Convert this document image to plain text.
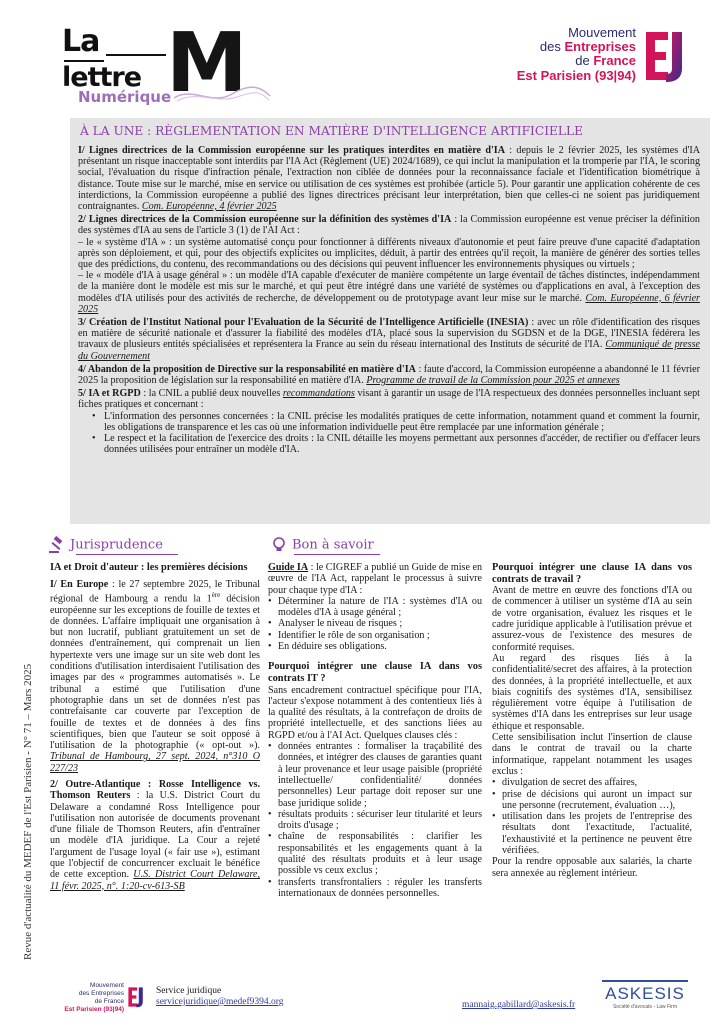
La
lettre M
Numérique
Mouvement
des Entreprises
de France
Est Parisien (93|94)
Revue d'actualité du MEDEF de l'Est Parisien - N° 71 – Mars 2025
À LA UNE : RÈGLEMENTATION EN MATIÈRE D'INTELLIGENCE ARTIFICIELLE

I/ Lignes directrices de la Commission européenne sur les pratiques interdites en matière d'IA : depuis le 2 février 2025, les systèmes d'IA présentant un risque inacceptable sont interdits par l'IA Act (Règlement (UE) 2024/1689), ce qui inclut la manipulation et la tromperie par l'IA, le scoring social, l'évaluation du risque d'infraction pénale, l'extraction non ciblée de données pour la reconnaissance faciale et l'identification biométrique à distance. Toute mise sur le marché, mise en service ou utilisation de ces systèmes est prohibée (article 5). Pour garantir une application cohérente de ces interdictions, la Commission européenne a publié des lignes directrices précisant leur interprétation, bien que celles-ci ne soient pas juridiquement contraignantes. Com. Européenne, 4 février 2025

2/ Lignes directrices de la Commission européenne sur la définition des systèmes d'IA : la Commission européenne est venue préciser la définition des systèmes d'IA au sens de l'article 3 (1) de l'AI Act :

– le « système d'IA » : un système automatisé conçu pour fonctionner à différents niveaux d'autonomie et peut faire preuve d'une capacité d'adaptation après son déploiement, et qui, pour des objectifs explicites ou implicites, déduit, à partir des entrées qu'il reçoit, la manière de générer des sorties telles que des prédictions, du contenu, des recommandations ou des décisions qui peuvent influencer les environnements physiques ou virtuels ;

– le « modèle d'IA à usage général » : un modèle d'IA capable d'exécuter de manière compétente un large éventail de tâches distinctes, indépendamment de la manière dont le modèle est mis sur le marché, et qui peut être intégré dans une variété de systèmes ou d'applications en aval, à l'exception des modèles d'IA utilisés pour des activités de recherche, de développement ou de prototypage avant leur mise sur le marché. Com. Européenne, 6 février 2025

3/ Création de l'Institut National pour l'Evaluation de la Sécurité de l'Intelligence Artificielle (INESIA) : avec un rôle d'identification des risques en matière de sécurité nationale et d'assurer la fiabilité des modèles d'IA, placé sous la supervision du SGDSN et de la DGE, l'INESIA fédérera les travaux de plusieurs entités spécialisées et représentera la France au sein du réseau international des Instituts de sécurité de l'IA. Communiqué de presse du Gouvernement

4/ Abandon de la proposition de Directive sur la responsabilité en matière d'IA : faute d'accord, la Commission européenne a abandonné le 11 février 2025 la proposition de législation sur la responsabilité en matière d'IA. Programme de travail de la Commission pour 2025 et annexes

5/ IA et RGPD : la CNIL a publié deux nouvelles recommandations visant à garantir un usage de l'IA respectueux des données personnelles incluant sept fiches pratiques et concernant :

• L'information des personnes concernées : la CNIL précise les modalités pratiques de cette information, notamment quand et comment la fournir, les obligations de transparence et les cas où une information individuelle peut être remplacée par une information générale ;
• Le respect et la facilitation de l'exercice des droits : la CNIL détaille les moyens permettant aux personnes d'accéder, de rectifier ou d'effacer leurs données utilisées pour entraîner un modèle d'IA.
Jurisprudence	Bon à savoir

IA et Droit d'auteur : les premières décisions

I/ En Europe : le 27 septembre 2025, le Tribunal régional de Hambourg a rendu la 1ère décision européenne sur les exceptions de fouille de textes et de données. L'affaire impliquait une organisation à but non lucratif, publiant gratuitement un set de données d'entraînement, qui comprenait un lien hypertexte vers une image sur un site web dont les conditions d'utilisation interdisaient l'utilisation des images par des « programmes automatisés ». Le tribunal a estimé que l'utilisation d'une photographie dans un set de données n'est pas contrefaisante car couverte par l'exception de fouille de textes et de données à des fins scientifiques, bien que l'auteur se soit opposé à l'utilisation de la photographie (« opt-out »). Tribunal de Hambourg, 27 sept. 2024, n°310 O 227/23

2/ Outre-Atlantique : Rosse Intelligence vs. Thomson Reuters : la U.S. District Court du Delaware a condamné Ross Intelligence pour l'utilisation non autorisée de documents provenant d'une filiale de Thomson Reuters, afin d'entraîner un modèle d'IA juridique. La Cour a rejeté l'argument de l'usage loyal (« fair use »), estimant que l'objectif de concurrencer excluait le bénéfice de cette exception. U.S. District Court Delaware, 11 févr. 2025, n°. 1:20-cv-613-SB

Guide IA : le CIGREF a publié un Guide de mise en œuvre de l'IA Act, rappelant le processus à suivre pour chaque type d'IA :

• Déterminer la nature de l'IA : systèmes d'IA ou modèles d'IA à usage général ;
• Analyser le niveau de risques ;
• Identifier le rôle de son organisation ;
• En déduire ses obligations.

Pourquoi intégrer une clause IA dans vos contrats IT ?

Sans encadrement contractuel spécifique pour l'IA, l'acteur s'expose notamment à des contentieux liés à la qualité des résultats, à la contrefaçon de droits de propriété intellectuelle, et des sanctions liées au RGPD et/ou à l'AI Act. Quelques clauses clés :

• données entrantes : formaliser la traçabilité des données, et intégrer des clauses de garanties quant à leur provenance et leur usage paisible (propriété intellectuelle/ confidentialité/ données personnelles) Leur partage doit reposer sur une base juridique solide ;
• résultats produits : sécuriser leur titularité et leurs droits d'usage ;
• chaîne de responsabilités : clarifier les responsabilités et les engagements quant à la qualité des résultats produits et à leur usage possible vs ceux exclus ;
• transferts transfrontaliers : réguler les transferts internationaux de données personnelles.

Pourquoi intégrer une clause IA dans vos contrats de travail ?

Avant de mettre en œuvre des fonctions d'IA ou de commencer à utiliser un système d'IA au sein de votre organisation, évaluez les risques et le cadre juridique applicable à l'utilisation prévue et assurez-vous de l'existence des mesures de conformité requises.

Au regard des risques liés à la confidentialité/secret des affaires, à la protection des données, à la propriété intellectuelle, et aux biais cognitifs des systèmes d'IA, sensibilisez régulièrement votre équipe à l'utilisation de systèmes d'IA dans les entreprises sur leur usage éthique et responsable.

Cette sensibilisation inclut l'insertion de clause dans le contrat de travail ou la charte informatique, rappelant notamment les usages exclus :

• divulgation de secret des affaires,
• prise de décisions qui auront un impact sur une personne (recrutement, évaluation …),
• utilisation dans les projets de l'entreprise des résultats dont l'exactitude, l'actualité, l'exhaustivité et la pertinence ne peuvent être vérifiées.

Pour la rendre opposable aux salariés, la charte sera annexée au règlement intérieur.

Mouvement
des Entreprises
de France
Est Parisien (93|94)
Service juridique
servicejuridique@medef9394.org	mannaig.gabillard@askesis.fr
ASKESIS
Société d'avocats - Law Firm
